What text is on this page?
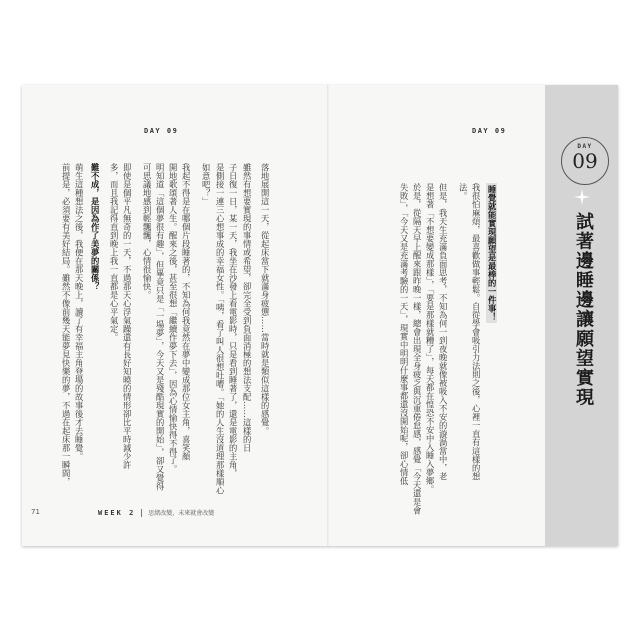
DAY 09
落地展開這一天，從起床當下就滿身疲憊……當時就是類似這樣的感覺。
雖然有想要實現的事情或希望，卻完全受到負面消極的想法支配……這樣的日
子日復一日，某一天，我坐在沙發上看電影時，只是看到睡著了，還是電影的主角，
是側接一連三心想事成的幸福女性。「咦，看了叫人很想吐嘈。「她的人生沒道理那樣順心
如意吧？」
我起不得是在哪個片段睡著的，不知為何我竟然在夢中變成那位女主角，喜笑顏
開地歌頌著人生。醒來之後，甚至很想「繼續作夢下去」，因為心情愉快得不得了。
明知道「這個夢很有趣」，但畢竟只是「一場夢」，今天又是殘酷現實的開始」，卻又覺得
可思議地感到輕飄飄，心情很愉快。
即使是個平凡無奇的一天，不過那天心浮氣躁還有長好知曉的情形卻比平時減少許
多，而且我記得直到晚上我一直都是心平氣定。
難不成，是因為作了美夢的關係？
萌生這種想法之後，我便在那天晚上，讀了有幸福主角登場的故事後才去睡覺。
前提是，必須要有美好結局。雖然不像前幾天能夢見快樂的夢，不過在起床那一瞬間，
71	WEEK 2 思緒改變，未來就會改變
DAY 09
睡覺就能實現願望是最棒的一件事！
我很怕麻煩，最喜歡做事輕鬆。自從學會吸引力法則之後，心裡一直有這樣的想
法。
但是，我天生充滿負面思考，不知為何一到夜晚就像被吸入不安的漩渦當中，老
是想著「不想要變成那樣」，「要是那樣就糟了」，每天都在惶恐不安中入睡入夢鄉。
於是，從隔天早上醒來跟昨晚一樣，總會出現全身疲乏與沉重倦怠感，感覺「今天還是會
失敗」，「今天又是充滿考驗的一天」，現實中明明什麼事都還沒開始呢，卻心情低
DAY
09
試著邊睡邊讓願望實現
